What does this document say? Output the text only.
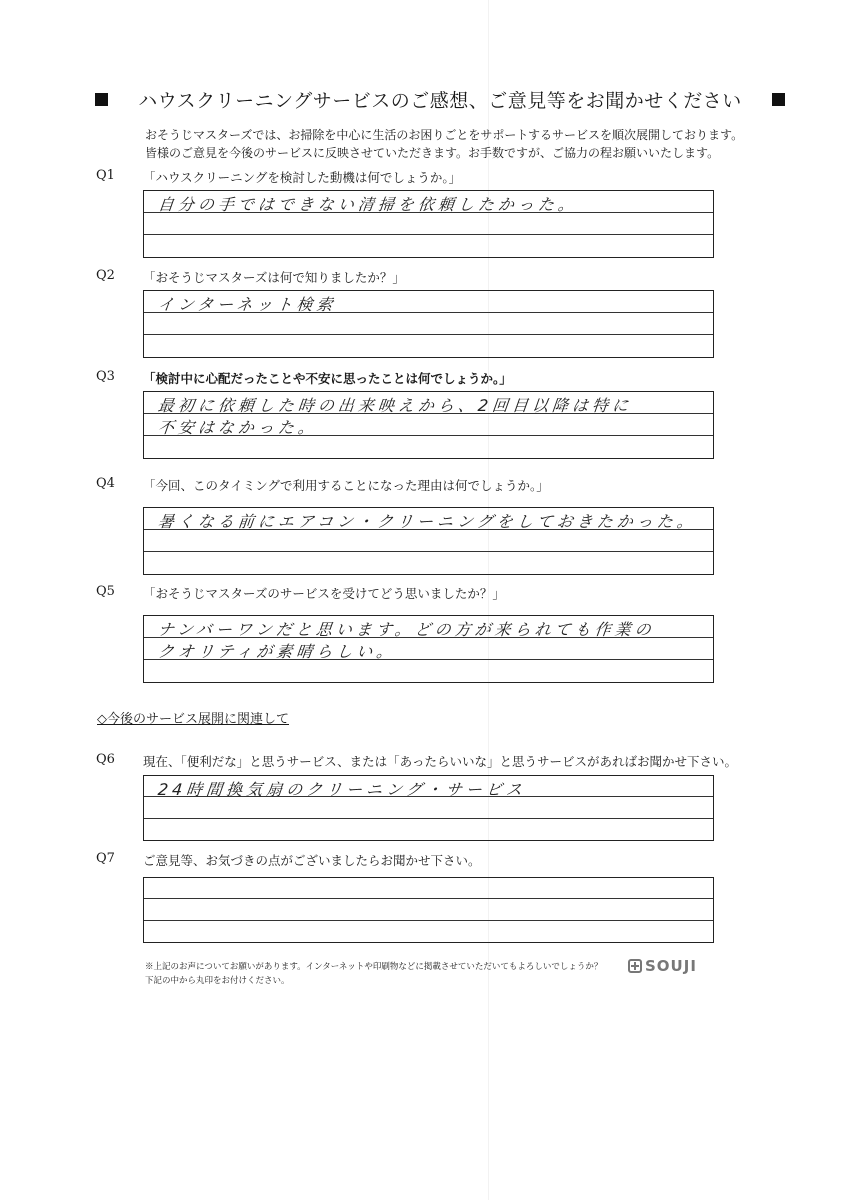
ハウスクリーニングサービスのご感想、ご意見等をお聞かせください
おそうじマスターズでは、お掃除を中心に生活のお困りごとをサポートするサービスを順次展開しております。
皆様のご意見を今後のサービスに反映させていただきます。お手数ですが、ご協力の程お願いいたします。
Q1 「ハウスクリーニングを検討した動機は何でしょうか。」
自分の手ではできない清掃を依頼したかった。
Q2 「おそうじマスターズは何で知りましたか？」
インターネット検索
Q3 「検討中に心配だったことや不安に思ったことは何でしょうか。」
最初に依頼した時の出来映えから、2回目以降は特に
不安はなかった。
Q4 「今回、このタイミングで利用することになった理由は何でしょうか。」
暑くなる前にエアコン・クリーニングをしておきたかった。
Q5 「おそうじマスターズのサービスを受けてどう思いましたか？」
ナンバーワンだと思います。どの方が来られても作業の
クオリティが素晴らしい。
◇今後のサービス展開に関連して
Q6 現在、「便利だな」と思うサービス、または「あったらいいな」と思うサービスがあればお聞かせ下さい。
24時間換気扇のクリーニング・サービス
Q7 ご意見等、お気づきの点がございましたらお聞かせ下さい。
※上記のお声についてお願いがあります。インターネットや印刷物などに掲載させていただいてもよろしいでしょうか？
下記の中から丸印をお付けください。
SOUJI
